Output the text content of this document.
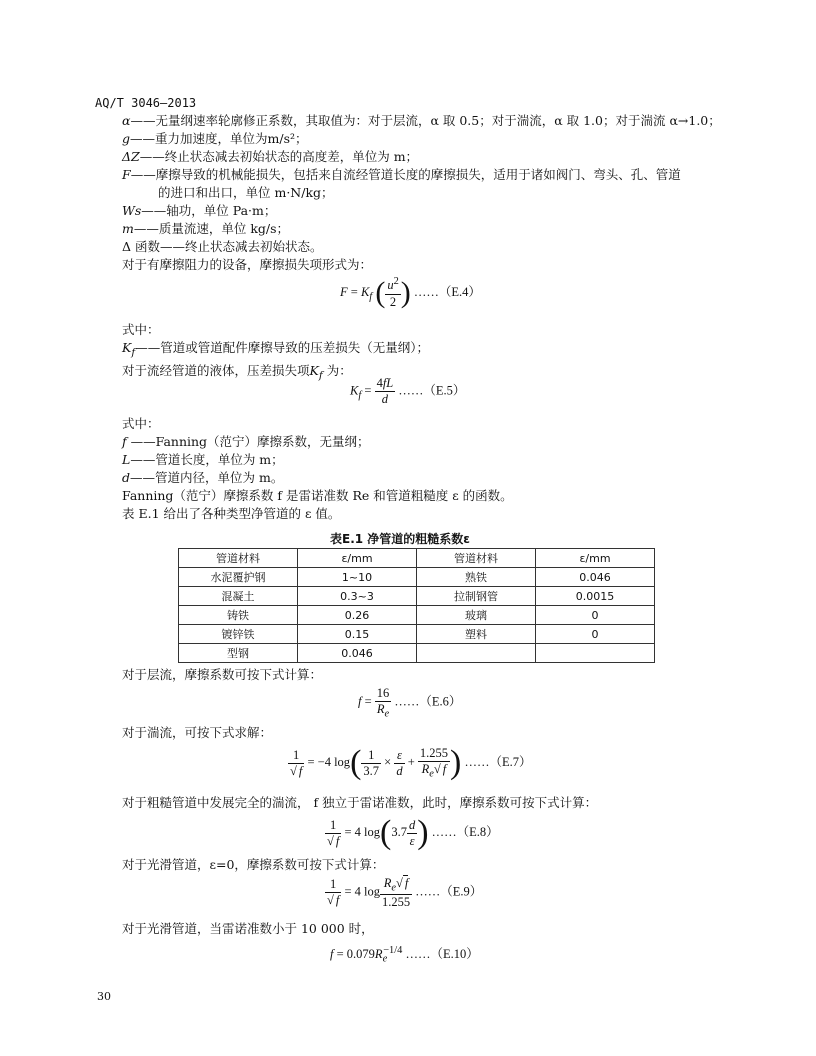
AQ/T 3046—2013
α——无量纲速率轮廓修正系数，其取值为：对于层流，α 取 0.5；对于湍流，α 取 1.0；对于湍流 α→1.0；
g——重力加速度，单位为m/s²；
ΔZ——终止状态减去初始状态的高度差，单位为 m；
F——摩擦导致的机械能损失，包括来自流经管道长度的摩擦损失，适用于诸如阀门、弯头、孔、管道
的进口和出口，单位 m·N/kg；
Ws——轴功，单位 Pa·m；
m——质量流速，单位 kg/s；
Δ 函数——终止状态减去初始状态。
对于有摩擦阻力的设备，摩擦损失项形式为：
$F = K_f$ ( $\frac{u^2}{2}$ ) ……（E.4）
式中：
$K_f——$管道或管道配件摩擦导致的压差损失（无量纲）；
对于流经管道的液体，压差损失项$K_f$ 为：
$K_f = \frac{4fL}{d}$ ……（E.5）
式中：
f ——Fanning（范宁）摩擦系数，无量纲；
L——管道长度，单位为 m；
d——管道内径，单位为 m。
Fanning（范宁）摩擦系数 f 是雷诺准数 Re 和管道粗糙度 ε 的函数。
表 E.1 给出了各种类型净管道的 ε 值。
表E.1 净管道的粗糙系数ε
管道材料	ε/mm	管道材料	ε/mm
水泥覆护钢	1~10	熟铁	0.046
混凝土	0.3~3	拉制钢管	0.0015
铸铁	0.26	玻璃	0
镀锌铁	0.15	塑料	0
型钢	0.046		
对于层流，摩擦系数可按下式计算：
$f = \frac{16}{R_e}$ ……（E.6）
对于湍流，可按下式求解：
$\frac{1}{√ f} = -4$ $\log( \frac{1}{3.7} \times \frac{\varepsilon}{d} + \frac{1.255}{R_e√ f}$ ) ……（E.7）
对于粗糙管道中发展完全的湍流， f 独立于雷诺准数，此时，摩擦系数可按下式计算：
$\frac{1}{√ f} = 4$ $\log(3.7 \frac{d}{\varepsilon}$ ) ……（E.8）
对于光滑管道，ε=0，摩擦系数可按下式计算：
$\frac{1}{√ f} = 4$ $\log \frac{R_e√ f}{1.255}$ ……（E.9）
对于光滑管道，当雷诺准数小于 10 000 时，
$f = 0.079R_e^{-1/4}$ ……（E.10）
30
